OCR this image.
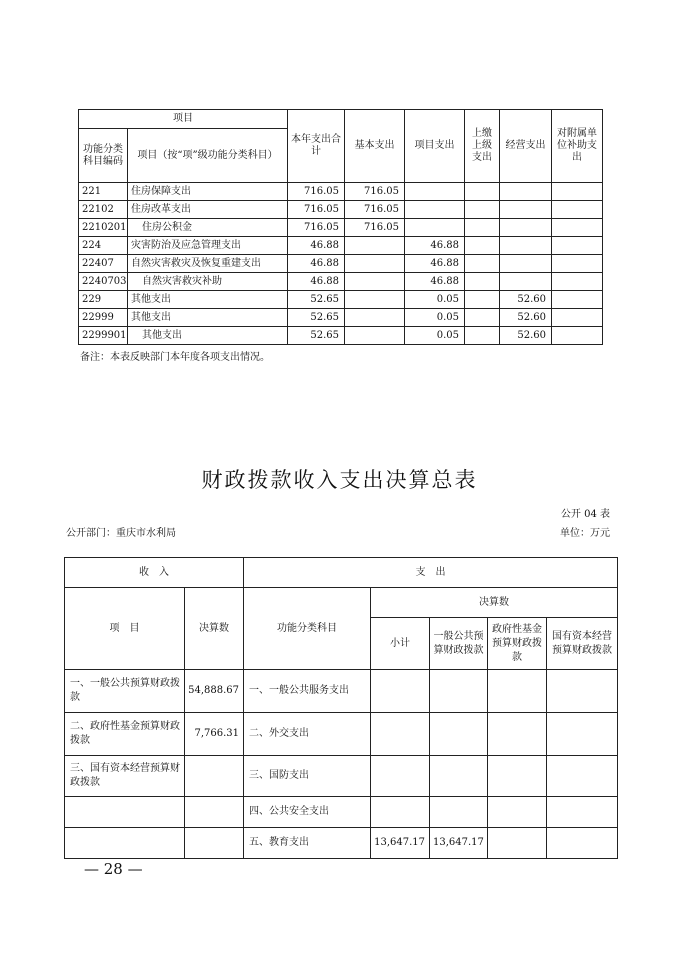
项目		本年支出合计	基本支出	项目支出	上缴上级支出	经营支出	对附属单位补助支出
功能分类科目编码	项目（按“项”级功能分类科目）						
221	住房保障支出	716.05	716.05				
22102	住房改革支出	716.05	716.05				
2210201	住房公积金	716.05	716.05				
224	灾害防治及应急管理支出	46.88		46.88			
22407	自然灾害救灾及恢复重建支出	46.88		46.88			
2240703	自然灾害救灾补助	46.88		46.88			
229	其他支出	52.65		0.05		52.60	
22999	其他支出	52.65		0.05		52.60	
2299901	其他支出	52.65		0.05		52.60	
备注：本表反映部门本年度各项支出情况。
财政拨款收入支出决算总表
公开 04 表
公开部门：重庆市水利局	单位：万元
收　入		支　出				
项　目	决算数	功能分类科目	决算数			
			小计	一般公共预算财政拨款	政府性基金预算财政拨款	国有资本经营预算财政拨款
一、一般公共预算财政拨款	54,888.67	一、一般公共服务支出				
二、政府性基金预算财政拨款	7,766.31	二、外交支出				
三、国有资本经营预算财政拨款		三、国防支出				
		四、公共安全支出				
		五、教育支出	13,647.17	13,647.17		
— 28 —
